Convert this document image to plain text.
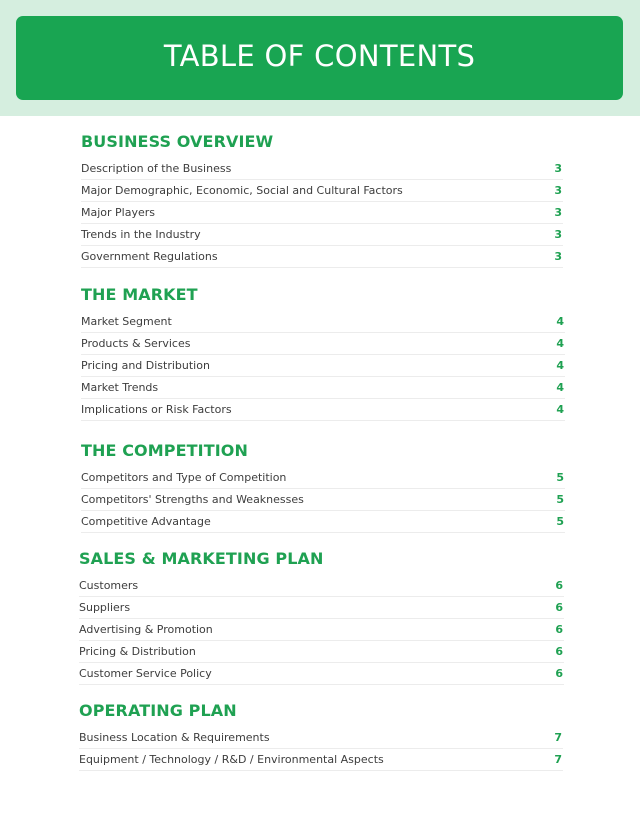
TABLE OF CONTENTS
BUSINESS OVERVIEW
Description of the Business	3
Major Demographic, Economic, Social and Cultural Factors	3
Major Players	3
Trends in the Industry	3
Government Regulations	3
THE MARKET
Market Segment	4
Products & Services	4
Pricing and Distribution	4
Market Trends	4
Implications or Risk Factors	4
THE COMPETITION
Competitors and Type of Competition	5
Competitors' Strengths and Weaknesses	5
Competitive Advantage	5
SALES & MARKETING PLAN
Customers	6
Suppliers	6
Advertising & Promotion	6
Pricing & Distribution	6
Customer Service Policy	6
OPERATING PLAN
Business Location & Requirements	7
Equipment / Technology / R&D / Environmental Aspects	7
